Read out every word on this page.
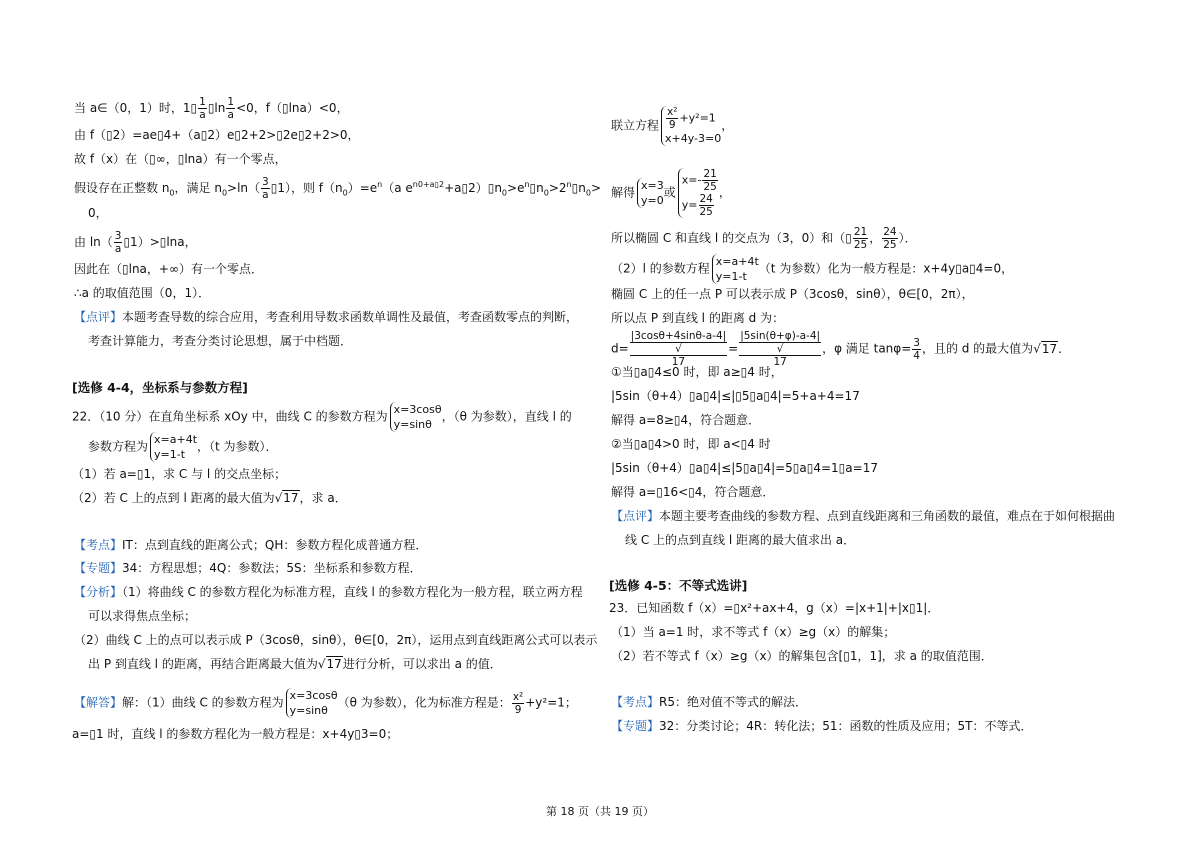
当 a∈（0，1）时，1▯ $\frac{1}{a}$ ▯ln $\frac{1}{a} <0$，f（▯lna）<0，
由 f（▯2）=ae▯4+（a▯2）e▯2+2>▯2e▯2+2>0，
故 f（x）在（▯∞，▯lna）有一个零点，
假设存在正整数 $n_0$，满足 $n_0>\ln( \frac{3}{a}$ ▯1），则 $f(n_0)=e^n(a$ $e^{n0+a▯2}+a▯2)▯n_0>e^n▯n_0>2^n▯n_0>$
0，
由 $\ln( \frac{3}{a}$ ▯1）>▯lna，
因此在（▯lna，+∞）有一个零点．
∴a 的取值范围（0，1）．
【点评】本题考查导数的综合应用，考查利用导数求函数单调性及最值，考查函数零点的判断，
考查计算能力，考查分类讨论思想，属于中档题．
[选修 4-4，坐标系与参数方程]
22．（10 分）在直角坐标系 xOy 中，曲线 C 的参数方程为 x=3cosθ
y=sinθ
，（θ 为参数），直线 l 的
参数方程为 x=a+4t
y=1-t
，（t 为参数）．
（1）若 a=▯1，求 C 与 l 的交点坐标；
（2）若 C 上的点到 l 距离的最大值为√17，求 a．
【考点】IT：点到直线的距离公式；QH：参数方程化成普通方程．
【专题】34：方程思想；4Q：参数法；5S：坐标系和参数方程．
【分析】（1）将曲线 C 的参数方程化为标准方程，直线 l 的参数方程化为一般方程，联立两方程
可以求得焦点坐标；
（2）曲线 C 上的点可以表示成 P（3cosθ，sinθ），θ∈[0，2π），运用点到直线距离公式可以表示
出 P 到直线 l 的距离，再结合距离最大值为√17进行分析，可以求出 a 的值．
【解答】解：（1）曲线 C 的参数方程为 x=3cosθ
y=sinθ
（θ 为参数），化为标准方程是： $\frac{\text{x²}}{9} +y^2=1$；
a=▯1 时，直线 l 的参数方程化为一般方程是：x+4y▯3=0；
联立方程 $\frac{\text{x²}}{9} +y^2=1$
x+4y-3=0
，
解得 x=3
y=0
或
$x=- \frac{21}{25}$
$y= \frac{24}{25}$
，
所以椭圆 C 和直线 l 的交点为（3，0）和（▯ $\frac{21}{25}$ ， $\frac{24}{25}$ ）．
（2）l 的参数方程 x=a+4t
y=1-t
（t 为参数）化为一般方程是：x+4y▯a▯4=0，
椭圆 C 上的任一点 P 可以表示成 P（3cosθ，sinθ），θ∈[0，2π），
所以点 P 到直线 l 的距离 d 为：
d= |3cosθ+4sinθ-a-4|
√
17 = |5sin(θ+φ)-a-4|
√
17 ，φ 满足 $\tan\varphi= \frac{3}{4}$ ，且的 d 的最大值为√17．
①当▯a▯4≤0 时，即 a≥▯4 时，
|5sin（θ+4）▯a▯4|≤|▯5▯a▯4|=5+a+4=17
解得 a=8≥▯4，符合题意．
②当▯a▯4>0 时，即 a<▯4 时
|5sin（θ+4）▯a▯4|≤|5▯a▯4|=5▯a▯4=1▯a=17
解得 a=▯16<▯4，符合题意．
【点评】本题主要考查曲线的参数方程、点到直线距离和三角函数的最值，难点在于如何根据曲
线 C 上的点到直线 l 距离的最大值求出 a．
[选修 4-5：不等式选讲]
23．已知函数 f（x）=▯x²+ax+4，g（x）=|x+1|+|x▯1|．
（1）当 a=1 时，求不等式 f（x）≥g（x）的解集；
（2）若不等式 f（x）≥g（x）的解集包含[▯1，1]，求 a 的取值范围．
【考点】R5：绝对值不等式的解法．
【专题】32：分类讨论；4R：转化法；51：函数的性质及应用；5T：不等式．
第 18 页（共 19 页）
